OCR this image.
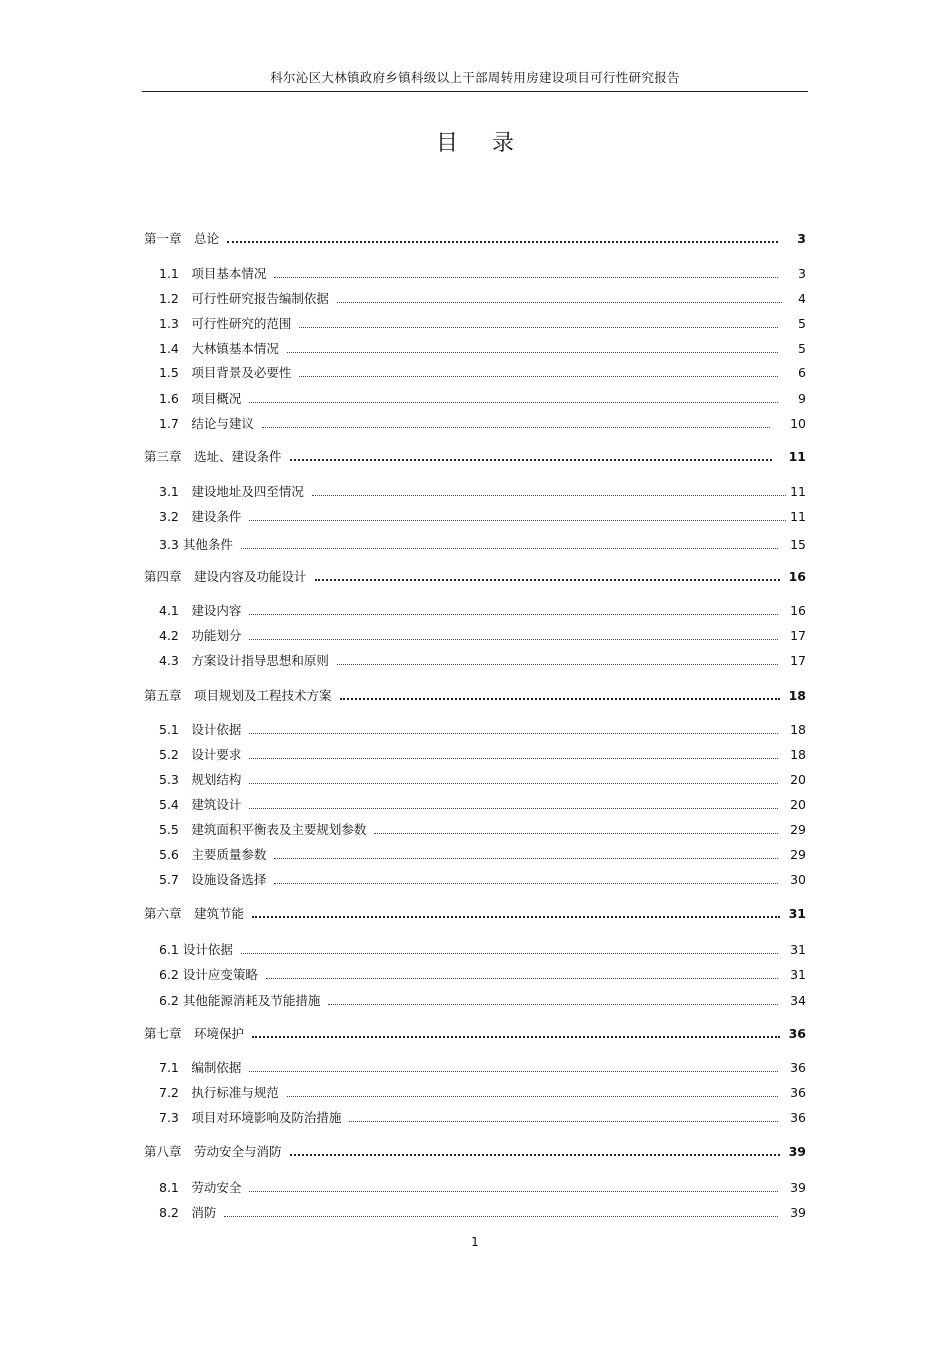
科尔沁区大林镇政府乡镇科级以上干部周转用房建设项目可行性研究报告
目 录
第一章　总论	3
1.1　项目基本情况	3
1.2　可行性研究报告编制依据	4
1.3　可行性研究的范围	5
1.4　大林镇基本情况	5
1.5　项目背景及必要性	6
1.6　项目概况	9
1.7　结论与建议	10
第三章　选址、建设条件	11
3.1　建设地址及四至情况	11
3.2　建设条件	11
3.3 其他条件	15
第四章　建设内容及功能设计	16
4.1　建设内容	16
4.2　功能划分	17
4.3　方案设计指导思想和原则	17
第五章　项目规划及工程技术方案	18
5.1　设计依据	18
5.2　设计要求	18
5.3　规划结构	20
5.4　建筑设计	20
5.5　建筑面积平衡表及主要规划参数	29
5.6　主要质量参数	29
5.7　设施设备选择	30
第六章　建筑节能	31
6.1 设计依据	31
6.2 设计应变策略	31
6.2 其他能源消耗及节能措施	34
第七章　环境保护	36
7.1　编制依据	36
7.2　执行标准与规范	36
7.3　项目对环境影响及防治措施	36
第八章　劳动安全与消防	39
8.1　劳动安全	39
8.2　消防	39
1
